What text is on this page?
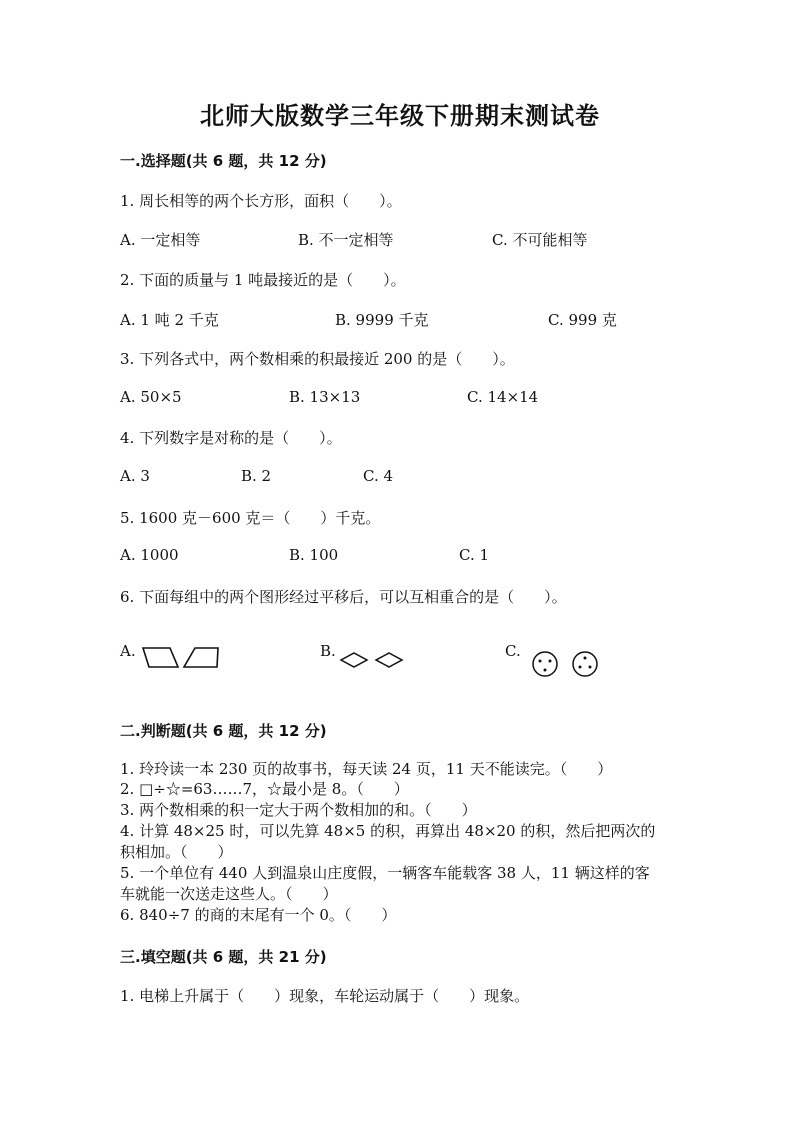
北师大版数学三年级下册期末测试卷
一.选择题(共 6 题，共 12 分)
1. 周长相等的两个长方形，面积（　　）。
A. 一定相等	B. 不一定相等	C. 不可能相等
2. 下面的质量与 1 吨最接近的是（　　）。
A. 1 吨 2 千克	B. 9999 千克	C. 999 克
3. 下列各式中，两个数相乘的积最接近 200 的是（　　）。
A. 50×5	B. 13×13	C. 14×14
4. 下列数字是对称的是（　　）。
A. 3	B. 2	C. 4
5. 1600 克－600 克＝（　　）千克。
A. 1000	B. 100	C. 1
6. 下面每组中的两个图形经过平移后，可以互相重合的是（　　）。
A.	B.	C.
二.判断题(共 6 题，共 12 分)
1. 玲玲读一本 230 页的故事书，每天读 24 页，11 天不能读完。（　　）
2. □÷☆=63……7，☆最小是 8。（　　）
3. 两个数相乘的积一定大于两个数相加的和。（　　）
4. 计算 48×25 时，可以先算 48×5 的积，再算出 48×20 的积，然后把两次的
积相加。（　　）
5. 一个单位有 440 人到温泉山庄度假，一辆客车能载客 38 人，11 辆这样的客
车就能一次送走这些人。（　　）
6. 840÷7 的商的末尾有一个 0。（　　）
三.填空题(共 6 题，共 21 分)
1. 电梯上升属于（　　）现象，车轮运动属于（　　）现象。
